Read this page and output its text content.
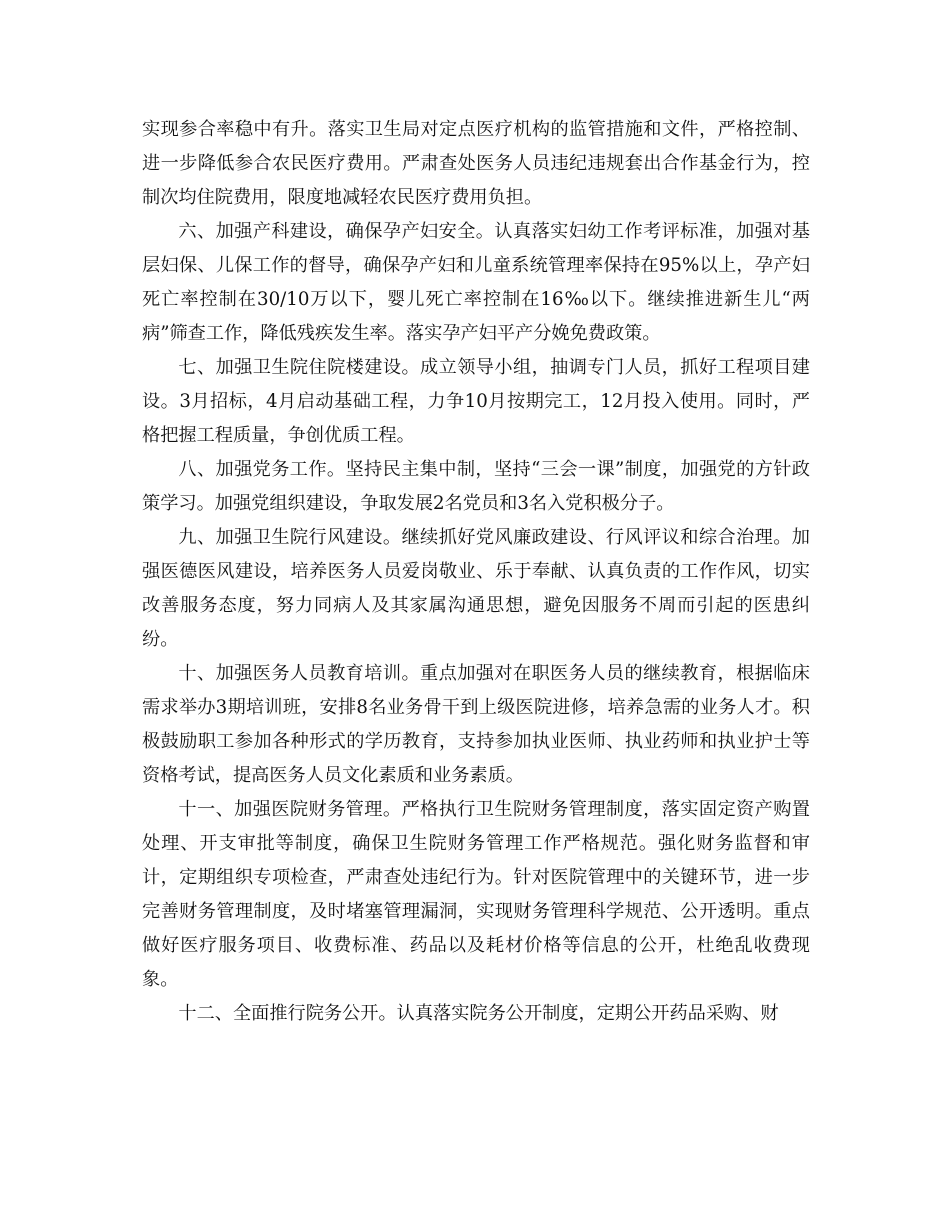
实现参合率稳中有升。落实卫生局对定点医疗机构的监管措施和文件，严格控制、进一步降低参合农民医疗费用。严肃查处医务人员违纪违规套出合作基金行为，控制次均住院费用，限度地减轻农民医疗费用负担。

六、加强产科建设，确保孕产妇安全。认真落实妇幼工作考评标准，加强对基层妇保、儿保工作的督导，确保孕产妇和儿童系统管理率保持在95%以上，孕产妇死亡率控制在30/10万以下，婴儿死亡率控制在16‰以下。继续推进新生儿“两病”筛查工作，降低残疾发生率。落实孕产妇平产分娩免费政策。

七、加强卫生院住院楼建设。成立领导小组，抽调专门人员，抓好工程项目建设。3月招标，4月启动基础工程，力争10月按期完工，12月投入使用。同时，严格把握工程质量，争创优质工程。

八、加强党务工作。坚持民主集中制，坚持“三会一课”制度，加强党的方针政策学习。加强党组织建设，争取发展2名党员和3名入党积极分子。

九、加强卫生院行风建设。继续抓好党风廉政建设、行风评议和综合治理。加强医德医风建设，培养医务人员爱岗敬业、乐于奉献、认真负责的工作作风，切实改善服务态度，努力同病人及其家属沟通思想，避免因服务不周而引起的医患纠纷。

十、加强医务人员教育培训。重点加强对在职医务人员的继续教育，根据临床需求举办3期培训班，安排8名业务骨干到上级医院进修，培养急需的业务人才。积极鼓励职工参加各种形式的学历教育，支持参加执业医师、执业药师和执业护士等资格考试，提高医务人员文化素质和业务素质。

十一、加强医院财务管理。严格执行卫生院财务管理制度，落实固定资产购置处理、开支审批等制度，确保卫生院财务管理工作严格规范。强化财务监督和审计，定期组织专项检查，严肃查处违纪行为。针对医院管理中的关键环节，进一步完善财务管理制度，及时堵塞管理漏洞，实现财务管理科学规范、公开透明。重点做好医疗服务项目、收费标准、药品以及耗材价格等信息的公开，杜绝乱收费现象。

十二、全面推行院务公开。认真落实院务公开制度，定期公开药品采购、财
